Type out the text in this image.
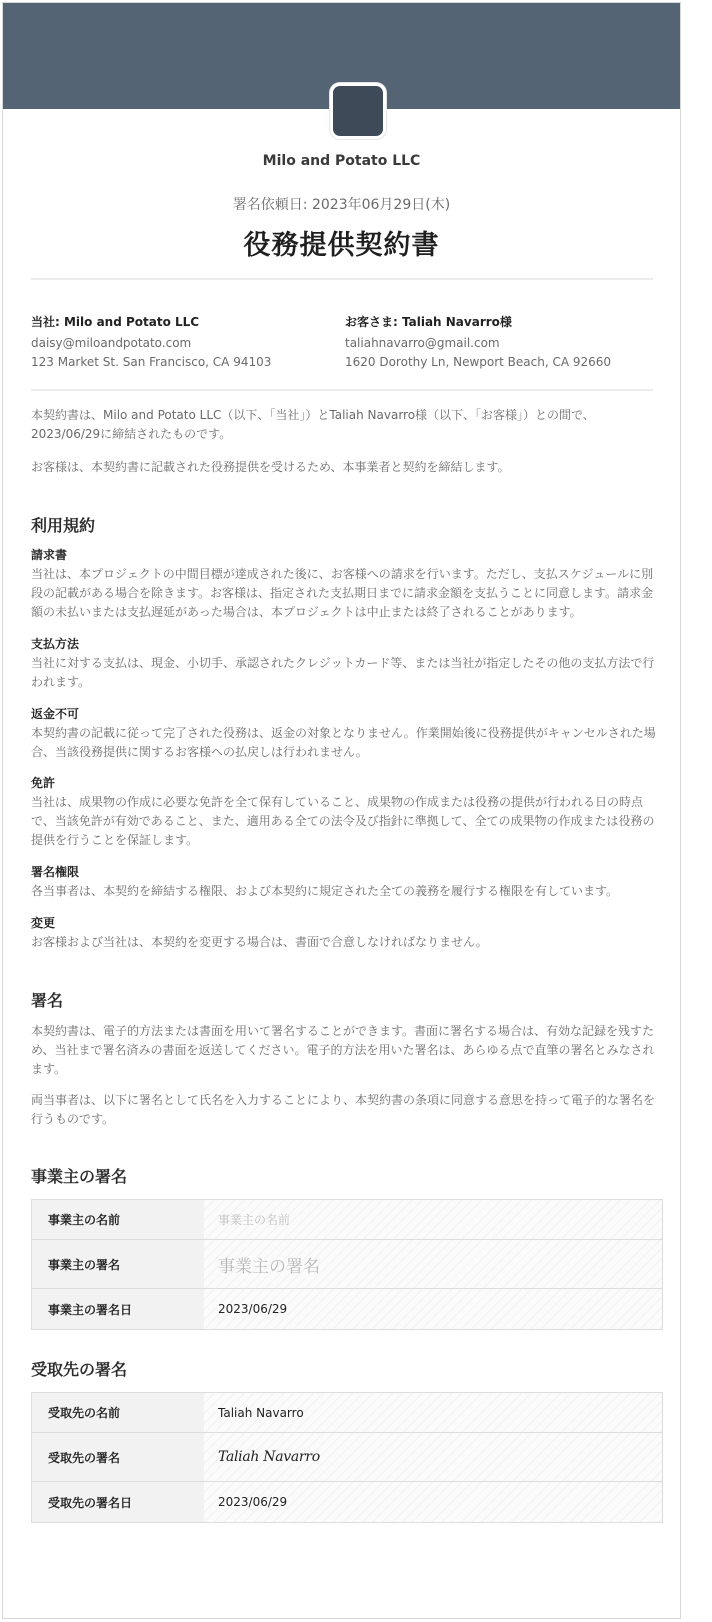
Milo and Potato LLC
署名依頼日: 2023年06月29日(木)
役務提供契約書
当社: Milo and Potato LLC
daisy@miloandpotato.com
123 Market St. San Francisco, CA 94103
お客さま: Taliah Navarro様
taliahnavarro@gmail.com
1620 Dorothy Ln, Newport Beach, CA 92660
本契約書は、Milo and Potato LLC（以下、「当社」）とTaliah Navarro様（以下、「お客様」）との間で、2023/06/29に締結されたものです。
お客様は、本契約書に記載された役務提供を受けるため、本事業者と契約を締結します。
利用規約
請求書
当社は、本プロジェクトの中間目標が達成された後に、お客様への請求を行います。ただし、支払スケジュールに別段の記載がある場合を除きます。お客様は、指定された支払期日までに請求金額を支払うことに同意します。請求金額の未払いまたは支払遅延があった場合は、本プロジェクトは中止または終了されることがあります。
支払方法
当社に対する支払は、現金、小切手、承認されたクレジットカード等、または当社が指定したその他の支払方法で行われます。
返金不可
本契約書の記載に従って完了された役務は、返金の対象となりません。作業開始後に役務提供がキャンセルされた場合、当該役務提供に関するお客様への払戻しは行われません。
免許
当社は、成果物の作成に必要な免許を全て保有していること、成果物の作成または役務の提供が行われる日の時点で、当該免許が有効であること、また、適用ある全ての法令及び指針に準拠して、全ての成果物の作成または役務の提供を行うことを保証します。
署名権限
各当事者は、本契約を締結する権限、および本契約に規定された全ての義務を履行する権限を有しています。
変更
お客様および当社は、本契約を変更する場合は、書面で合意しなければなりません。
署名
本契約書は、電子的方法または書面を用いて署名することができます。書面に署名する場合は、有効な記録を残すため、当社まで署名済みの書面を返送してください。電子的方法を用いた署名は、あらゆる点で直筆の署名とみなされます。
両当事者は、以下に署名として氏名を入力することにより、本契約書の条項に同意する意思を持って電子的な署名を行うものです。
事業主の署名
事業主の名前	事業主の名前
事業主の署名	事業主の署名
事業主の署名日	2023/06/29
受取先の署名
受取先の名前	Taliah Navarro
受取先の署名	Taliah Navarro
受取先の署名日	2023/06/29
